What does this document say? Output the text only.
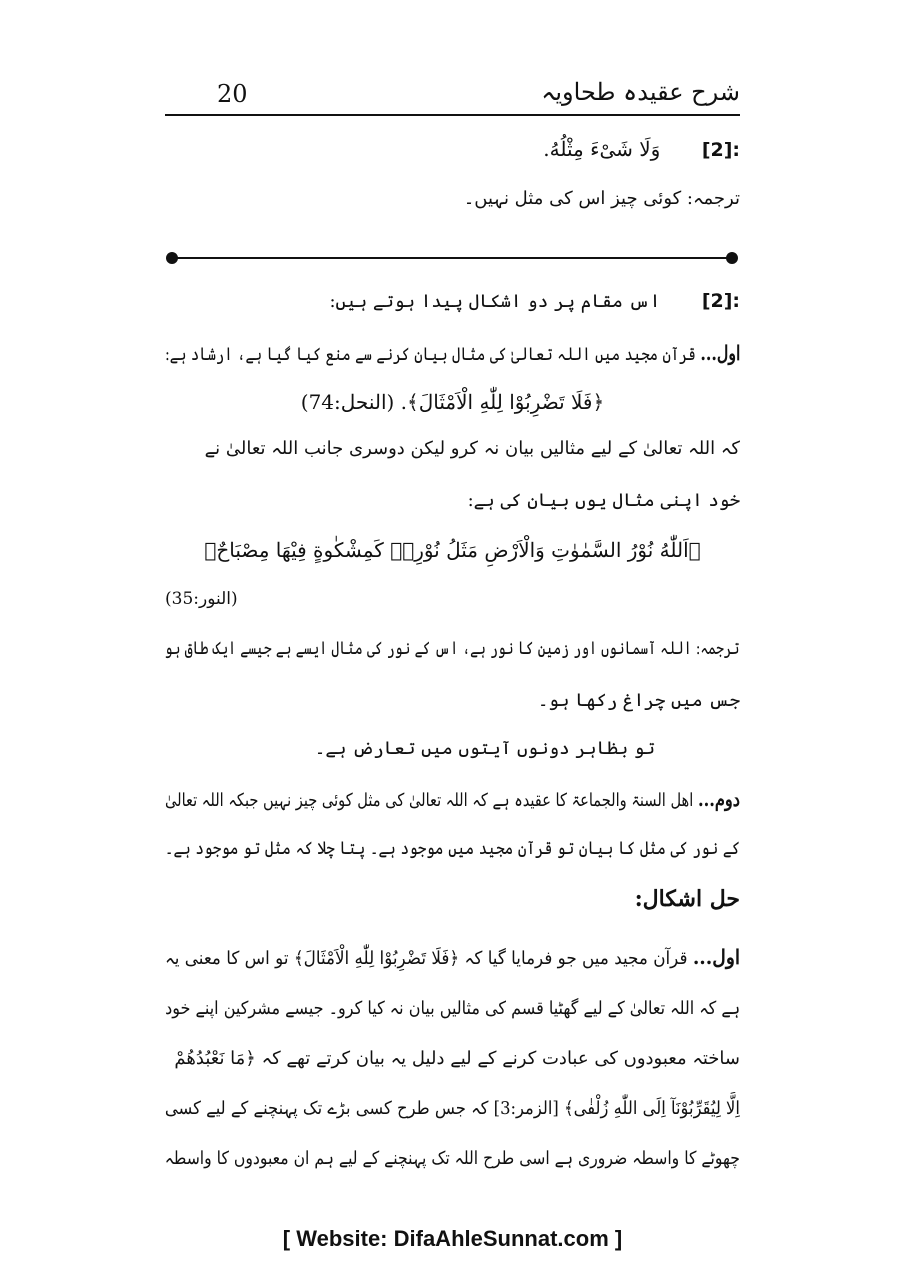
20	شرح عقیدہ طحاویہ
[2]:  وَلَا شَیْءَ مِثْلُهُ.
ترجمہ: کوئی چیز اس کی مثل نہیں۔
[2]:  اس مقام پر دو اشکال پیدا ہوتے ہیں:
اول... قرآن مجید میں اللہ تعالیٰ کی مثال بیان کرنے سے منع کیا گیا ہے، ارشاد ہے:
﴿فَلَا تَضْرِبُوْا لِلّٰهِ الْاَمْثَالَ﴾. (النحل:74)
کہ اللہ تعالیٰ کے لیے مثالیں بیان نہ کرو لیکن دوسری جانب اللہ تعالیٰ نے
خود اپنی مثال یوں بیان کی ہے:
﴿اَللّٰهُ نُوْرُ السَّمٰوٰتِ وَالْاَرْضِ مَثَلُ نُوْرِهٖ كَمِشْكٰوةٍ فِيْهَا مِصْبَاحٌ﴾
(النور:35)
ترجمہ: اللہ آسمانوں اور زمین کا نور ہے، اس کے نور کی مثال ایسے ہے جیسے ایک طاق ہو
جس میں چراغ رکھا ہو۔
تو بظاہر دونوں آیتوں میں تعارض ہے۔
دوم... اھل السنۃ والجماعۃ کا عقیدہ ہے کہ اللہ تعالیٰ کی مثل کوئی چیز نہیں جبکہ اللہ تعالیٰ
کے نور کی مثل کا بیان تو قرآن مجید میں موجود ہے۔ پتا چلا کہ مثل تو موجود ہے۔
حل اشکال:
اول... قرآن مجید میں جو فرمایا گیا کہ ﴿فَلَا تَضْرِبُوْا لِلّٰهِ الْاَمْثَالَ﴾ تو اس کا معنی یہ
ہے کہ اللہ تعالیٰ کے لیے گھٹیا قسم کی مثالیں بیان نہ کیا کرو۔ جیسے مشرکین اپنے خود
ساختہ معبودوں کی عبادت کرنے کے لیے دلیل یہ بیان کرتے تھے کہ ﴿مَا نَعْبُدُهُمْ
اِلَّا لِيُقَرِّبُوْنَآ اِلَى اللّٰهِ زُلْفٰى﴾ [الزمر:3] کہ جس طرح کسی بڑے تک پہنچنے کے لیے کسی
چھوٹے کا واسطہ ضروری ہے اسی طرح اللہ تک پہنچنے کے لیے ہم ان معبودوں کا واسطہ
[ Website: DifaAhleSunnat.com ]
